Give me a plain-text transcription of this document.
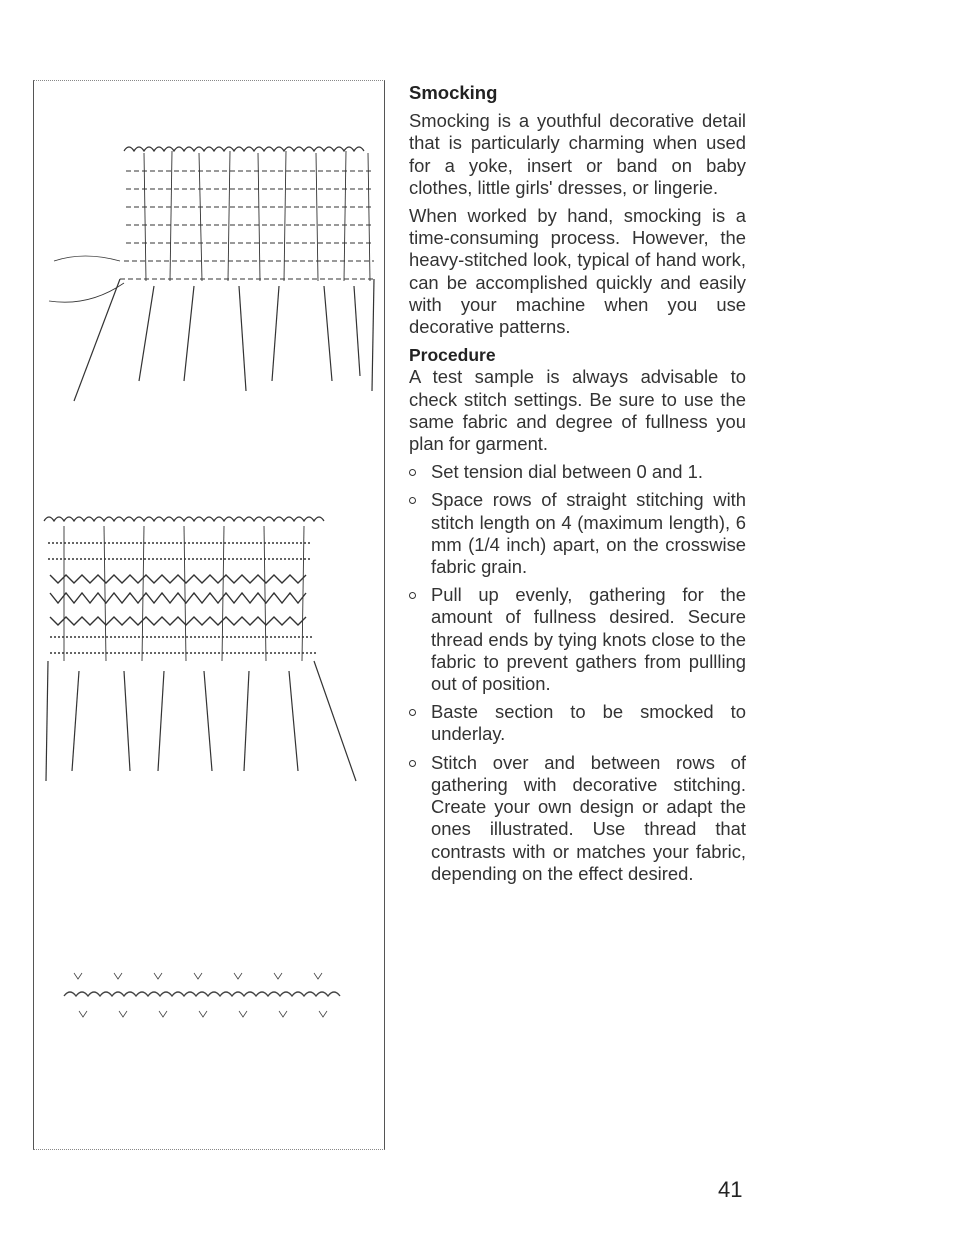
Smocking

Smocking is a youthful decorative detail that is particularly charming when used for a yoke, insert or band on baby clothes, little girls' dresses, or lingerie.

When worked by hand, smocking is a time-consuming process. However, the heavy-stitched look, typical of hand work, can be accomplished quickly and easily with your machine when you use decorative patterns.

Procedure

A test sample is always advisable to check stitch settings. Be sure to use the same fabric and degree of fullness you plan for garment.

Set tension dial between 0 and 1.
Space rows of straight stitching with stitch length on 4 (maximum length), 6 mm (1/4 inch) apart, on the crosswise fabric grain.
Pull up evenly, gathering for the amount of fullness desired. Secure thread ends by tying knots close to the fabric to prevent gathers from pullling out of position.
Baste section to be smocked to underlay.
Stitch over and between rows of gathering with decorative stitching. Create your own design or adapt the ones illustrated. Use thread that contrasts with or matches your fabric, depending on the effect desired.
41
